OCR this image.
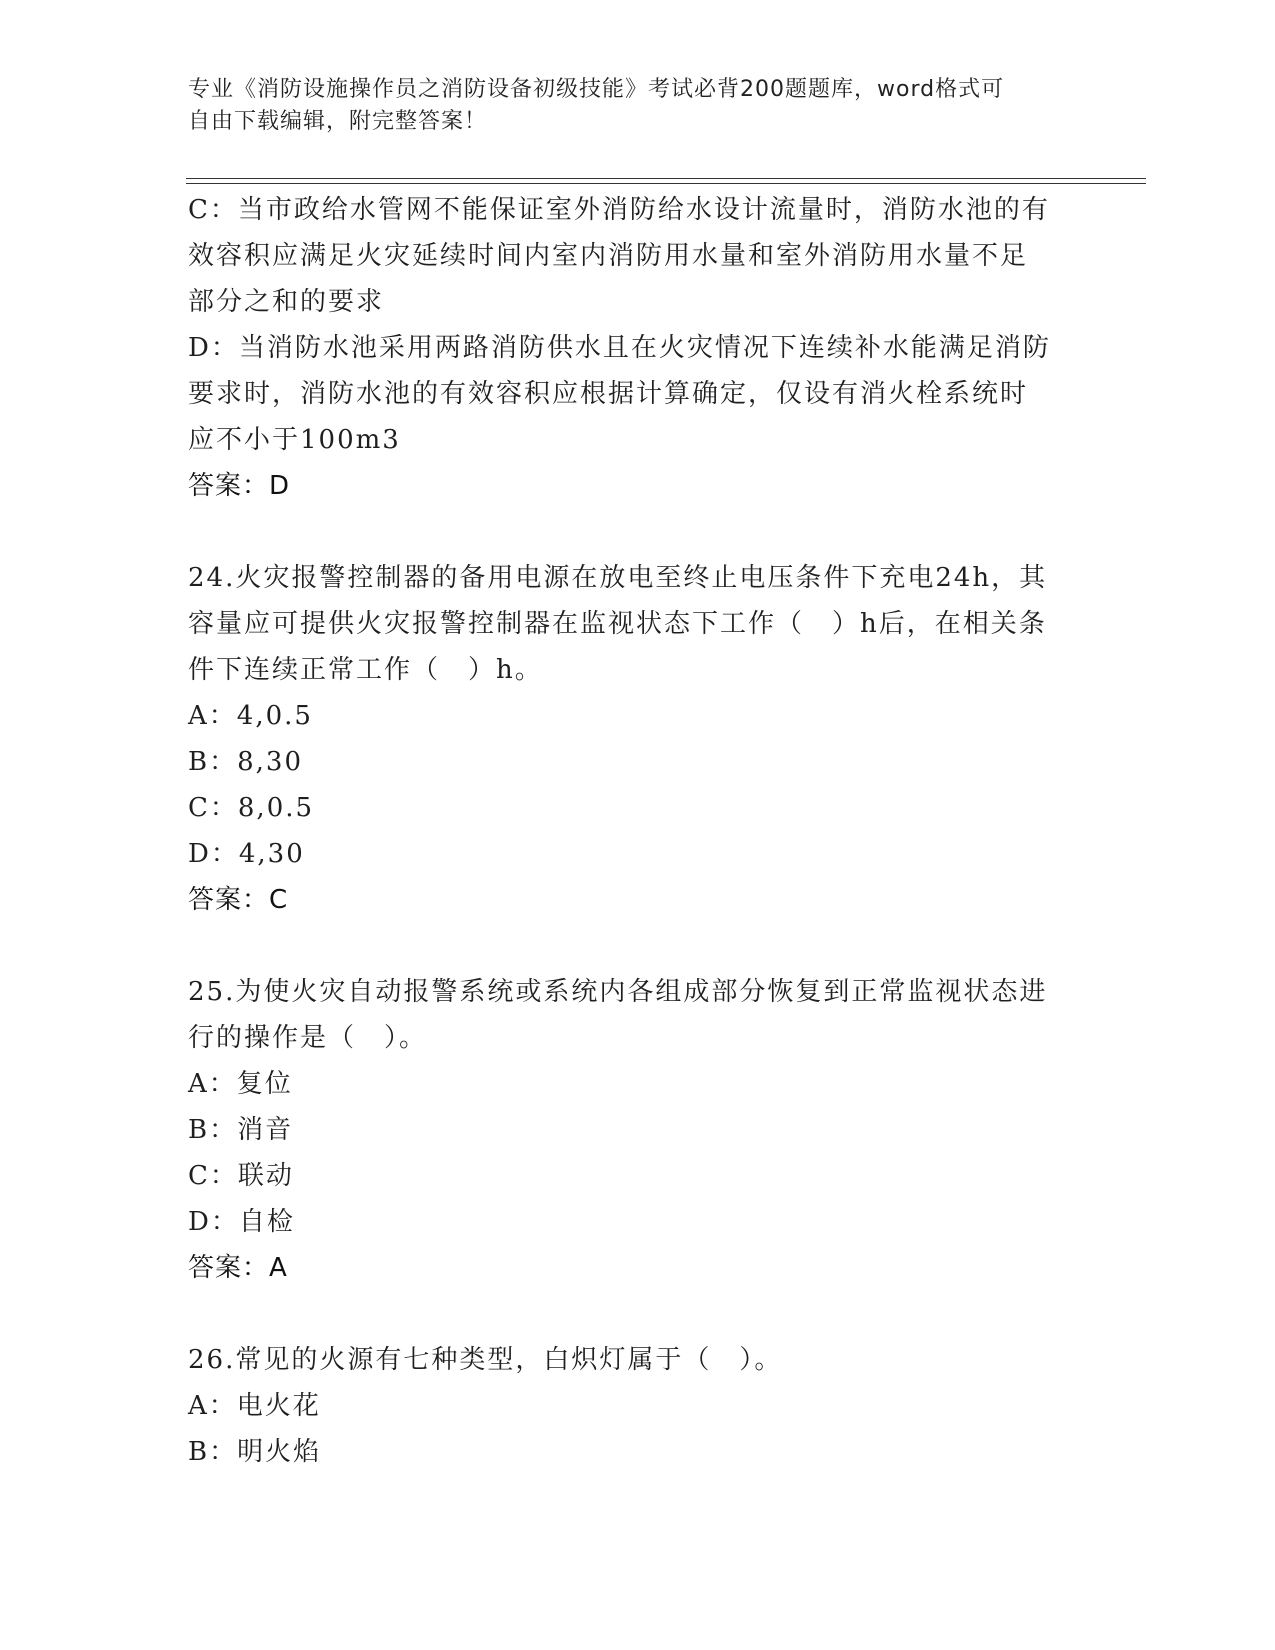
专业《消防设施操作员之消防设备初级技能》考试必背200题题库，word格式可
自由下载编辑，附完整答案！
C：当市政给水管网不能保证室外消防给水设计流量时，消防水池的有
效容积应满足火灾延续时间内室内消防用水量和室外消防用水量不足
部分之和的要求
D：当消防水池采用两路消防供水且在火灾情况下连续补水能满足消防
要求时，消防水池的有效容积应根据计算确定，仅设有消火栓系统时
应不小于100m3
答案：D
24.火灾报警控制器的备用电源在放电至终止电压条件下充电24h，其
容量应可提供火灾报警控制器在监视状态下工作（　）h后，在相关条
件下连续正常工作（　）h。
A：4,0.5
B：8,30
C：8,0.5
D：4,30
答案：C
25.为使火灾自动报警系统或系统内各组成部分恢复到正常监视状态进
行的操作是（　）。
A：复位
B：消音
C：联动
D：自检
答案：A
26.常见的火源有七种类型，白炽灯属于（　）。
A：电火花
B：明火焰
